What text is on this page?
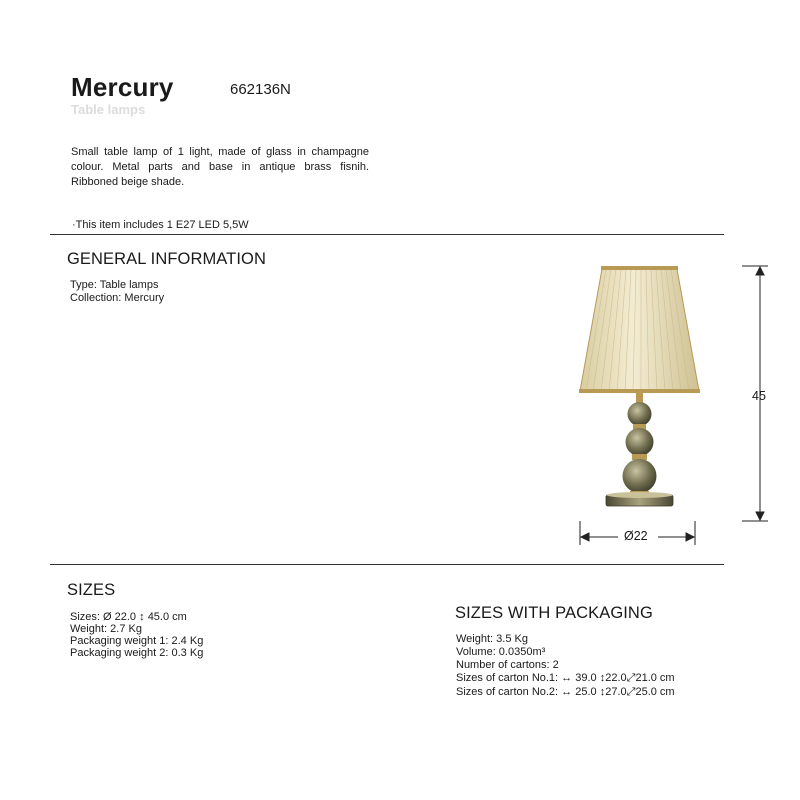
Mercury	662136N
Table lamps
Small table lamp of 1 light, made of glass in champagne colour. Metal parts and base in antique brass fisnih. Ribboned beige shade.
·This item includes 1 E27 LED 5,5W
GENERAL INFORMATION
Type: Table lamps
Collection: Mercury
45
Ø22
SIZES
Sizes: Ø 22.0 ↕ 45.0 cm
Weight: 2.7 Kg
Packaging weight 1: 2.4 Kg
Packaging weight 2: 0.3 Kg
SIZES WITH PACKAGING
Weight: 3.5 Kg
Volume: 0.0350m³
Number of cartons: 2
Sizes of carton No.1: ↔ 39.0 ↕22.0⤢21.0 cm
Sizes of carton No.2: ↔ 25.0 ↕27.0⤢25.0 cm
